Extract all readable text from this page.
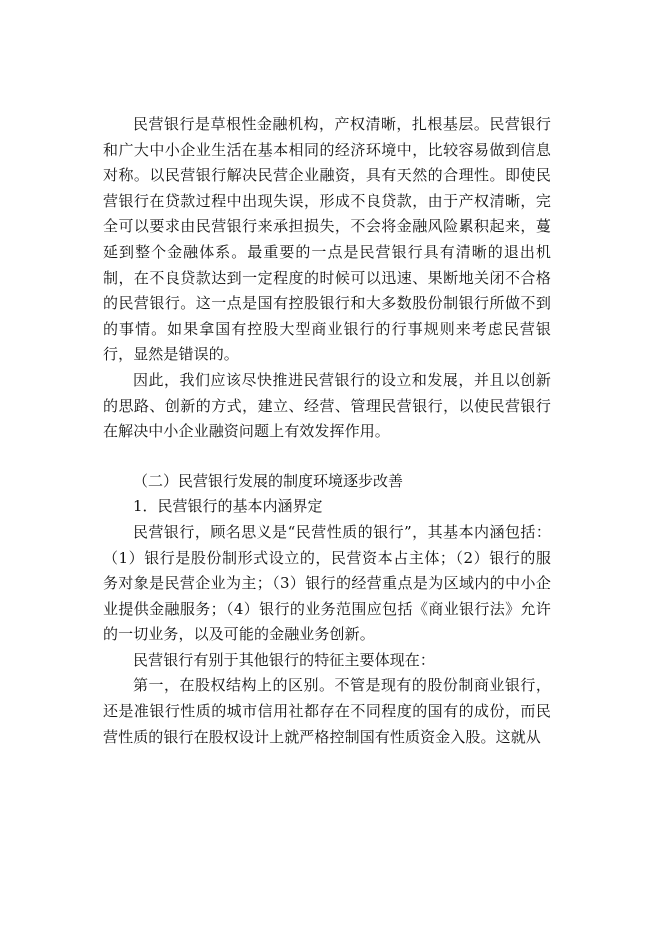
民营银行是草根性金融机构，产权清晰，扎根基层。民营银行和广大中小企业生活在基本相同的经济环境中，比较容易做到信息对称。以民营银行解决民营企业融资，具有天然的合理性。即使民营银行在贷款过程中出现失误，形成不良贷款，由于产权清晰，完全可以要求由民营银行来承担损失，不会将金融风险累积起来，蔓延到整个金融体系。最重要的一点是民营银行具有清晰的退出机制，在不良贷款达到一定程度的时候可以迅速、果断地关闭不合格的民营银行。这一点是国有控股银行和大多数股份制银行所做不到的事情。如果拿国有控股大型商业银行的行事规则来考虑民营银行，显然是错误的。

因此，我们应该尽快推进民营银行的设立和发展，并且以创新的思路、创新的方式，建立、经营、管理民营银行，以使民营银行在解决中小企业融资问题上有效发挥作用。

（二）民营银行发展的制度环境逐步改善

1．民营银行的基本内涵界定

民营银行，顾名思义是“民营性质的银行”，其基本内涵包括：（1）银行是股份制形式设立的，民营资本占主体；（2）银行的服务对象是民营企业为主；（3）银行的经营重点是为区域内的中小企业提供金融服务；（4）银行的业务范围应包括《商业银行法》允许的一切业务，以及可能的金融业务创新。

民营银行有别于其他银行的特征主要体现在：

第一，在股权结构上的区别。不管是现有的股份制商业银行，还是准银行性质的城市信用社都存在不同程度的国有的成份，而民营性质的银行在股权设计上就严格控制国有性质资金入股。这就从
